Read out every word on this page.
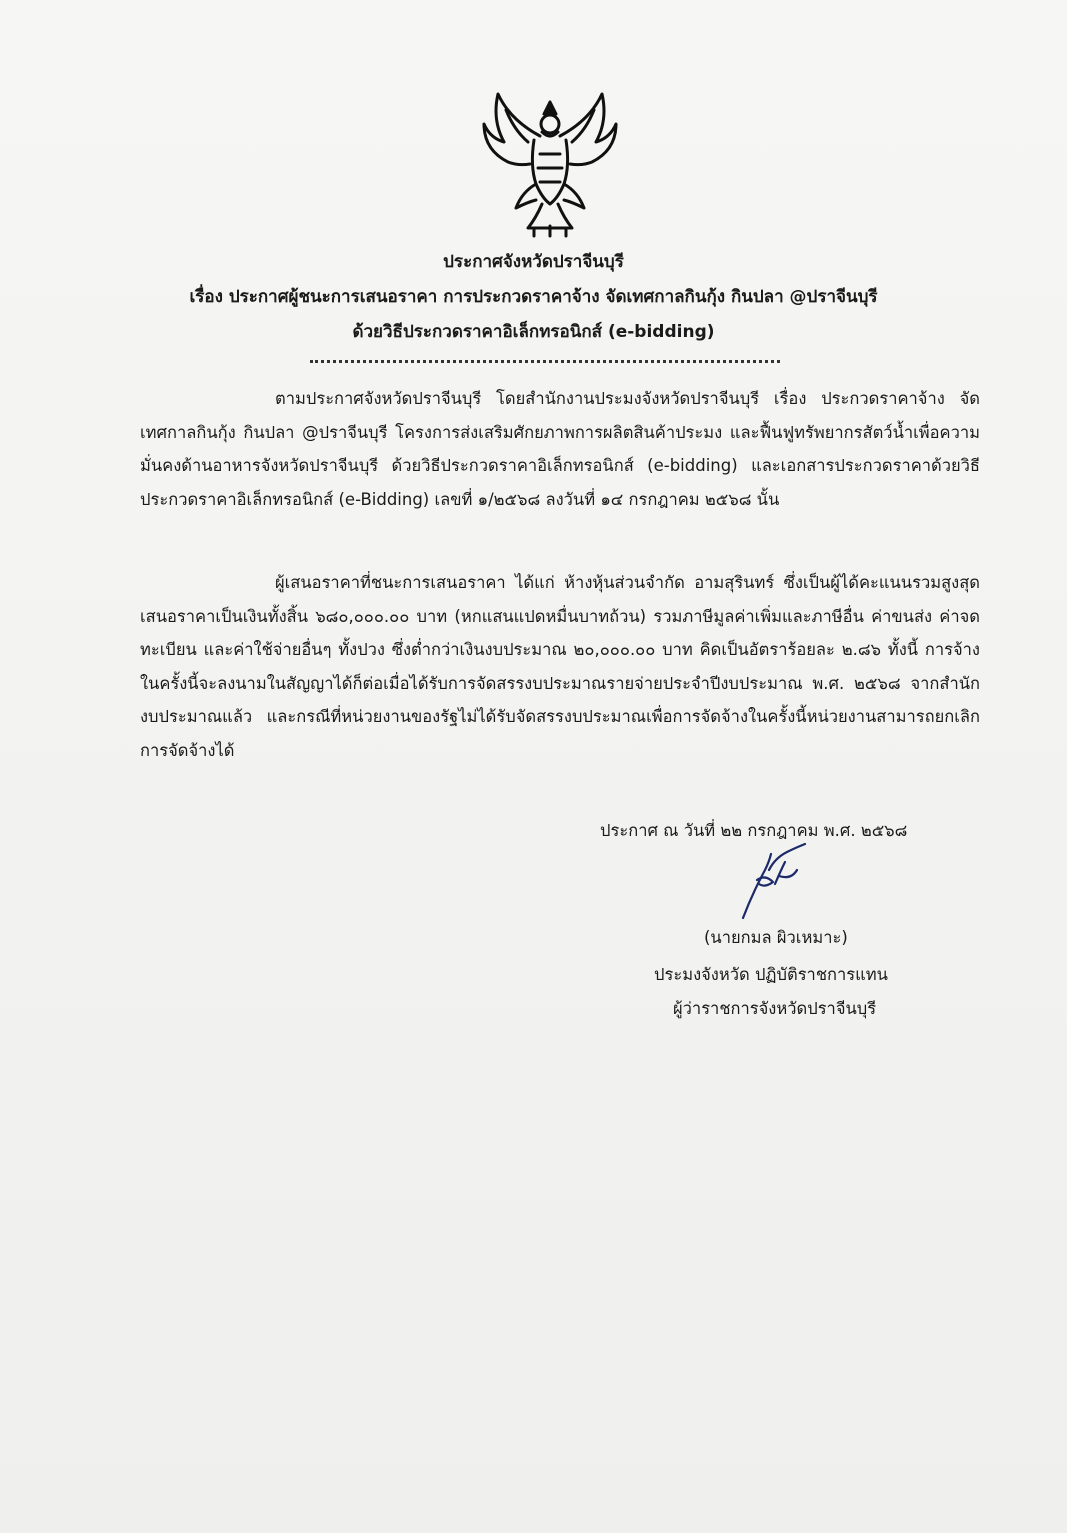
ประกาศจังหวัดปราจีนบุรี
เรื่อง ประกาศผู้ชนะการเสนอราคา การประกวดราคาจ้าง จัดเทศกาลกินกุ้ง กินปลา @ปราจีนบุรี
ด้วยวิธีประกวดราคาอิเล็กทรอนิกส์ (e-bidding)
ตามประกาศจังหวัดปราจีนบุรี โดยสำนักงานประมงจังหวัดปราจีนบุรี เรื่อง ประกวดราคาจ้าง จัดเทศกาลกินกุ้ง กินปลา @ปราจีนบุรี โครงการส่งเสริมศักยภาพการผลิตสินค้าประมง และฟื้นฟูทรัพยากรสัตว์น้ำเพื่อความมั่นคงด้านอาหารจังหวัดปราจีนบุรี ด้วยวิธีประกวดราคาอิเล็กทรอนิกส์ (e-bidding) และเอกสารประกวดราคาด้วยวิธีประกวดราคาอิเล็กทรอนิกส์ (e-Bidding) เลขที่ ๑/๒๕๖๘ ลงวันที่ ๑๔ กรกฎาคม ๒๕๖๘ นั้น
ผู้เสนอราคาที่ชนะการเสนอราคา ได้แก่ ห้างหุ้นส่วนจำกัด อามสุรินทร์ ซึ่งเป็นผู้ได้คะแนนรวมสูงสุด เสนอราคาเป็นเงินทั้งสิ้น ๖๘๐,๐๐๐.๐๐ บาท (หกแสนแปดหมื่นบาทถ้วน) รวมภาษีมูลค่าเพิ่มและภาษีอื่น ค่าขนส่ง ค่าจดทะเบียน และค่าใช้จ่ายอื่นๆ ทั้งปวง ซึ่งต่ำกว่าเงินงบประมาณ ๒๐,๐๐๐.๐๐ บาท คิดเป็นอัตราร้อยละ ๒.๘๖ ทั้งนี้ การจ้างในครั้งนี้จะลงนามในสัญญาได้ก็ต่อเมื่อได้รับการจัดสรรงบประมาณรายจ่ายประจำปีงบประมาณ พ.ศ. ๒๕๖๘ จากสำนักงบประมาณแล้ว และกรณีที่หน่วยงานของรัฐไม่ได้รับจัดสรรงบประมาณเพื่อการจัดจ้างในครั้งนี้หน่วยงานสามารถยกเลิกการจัดจ้างได้
ประกาศ ณ วันที่ ๒๒ กรกฎาคม พ.ศ. ๒๕๖๘
(นายกมล ผิวเหมาะ)
ประมงจังหวัด ปฏิบัติราชการแทน
ผู้ว่าราชการจังหวัดปราจีนบุรี
